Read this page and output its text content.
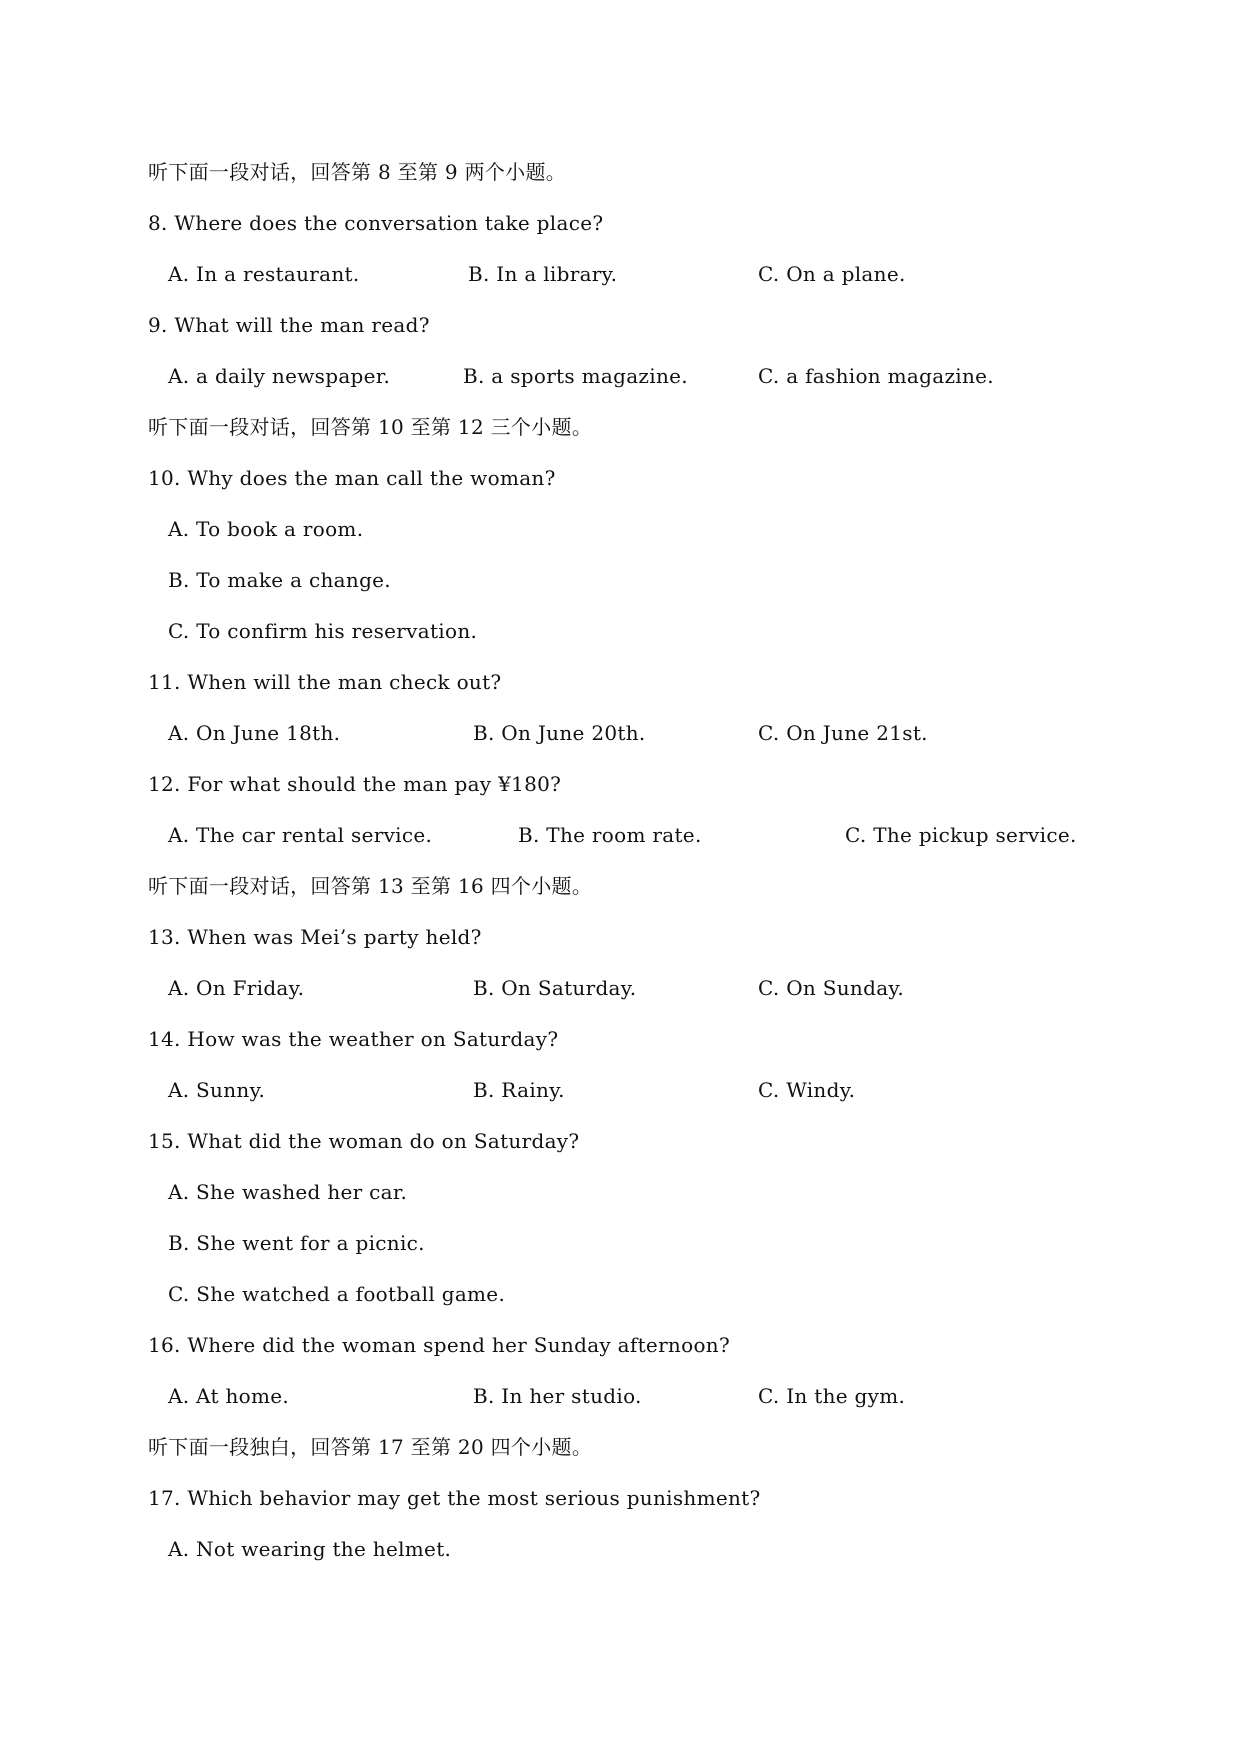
听下面一段对话，回答第 8 至第 9 两个小题。
8. Where does the conversation take place?
A. In a restaurant.	B. In a library.	C. On a plane.
9. What will the man read?
A. a daily newspaper.	B. a sports magazine.	C. a fashion magazine.
听下面一段对话，回答第 10 至第 12 三个小题。
10. Why does the man call the woman?
A. To book a room.
B. To make a change.
C. To confirm his reservation.
11. When will the man check out?
A. On June 18th.	B. On June 20th.	C. On June 21st.
12. For what should the man pay ¥180?
A. The car rental service.	B. The room rate.	C. The pickup service.
听下面一段对话，回答第 13 至第 16 四个小题。
13. When was Mei’s party held?
A. On Friday.	B. On Saturday.	C. On Sunday.
14. How was the weather on Saturday?
A. Sunny.	B. Rainy.	C. Windy.
15. What did the woman do on Saturday?
A. She washed her car.
B. She went for a picnic.
C. She watched a football game.
16. Where did the woman spend her Sunday afternoon?
A. At home.	B. In her studio.	C. In the gym.
听下面一段独白，回答第 17 至第 20 四个小题。
17. Which behavior may get the most serious punishment?
A. Not wearing the helmet.
